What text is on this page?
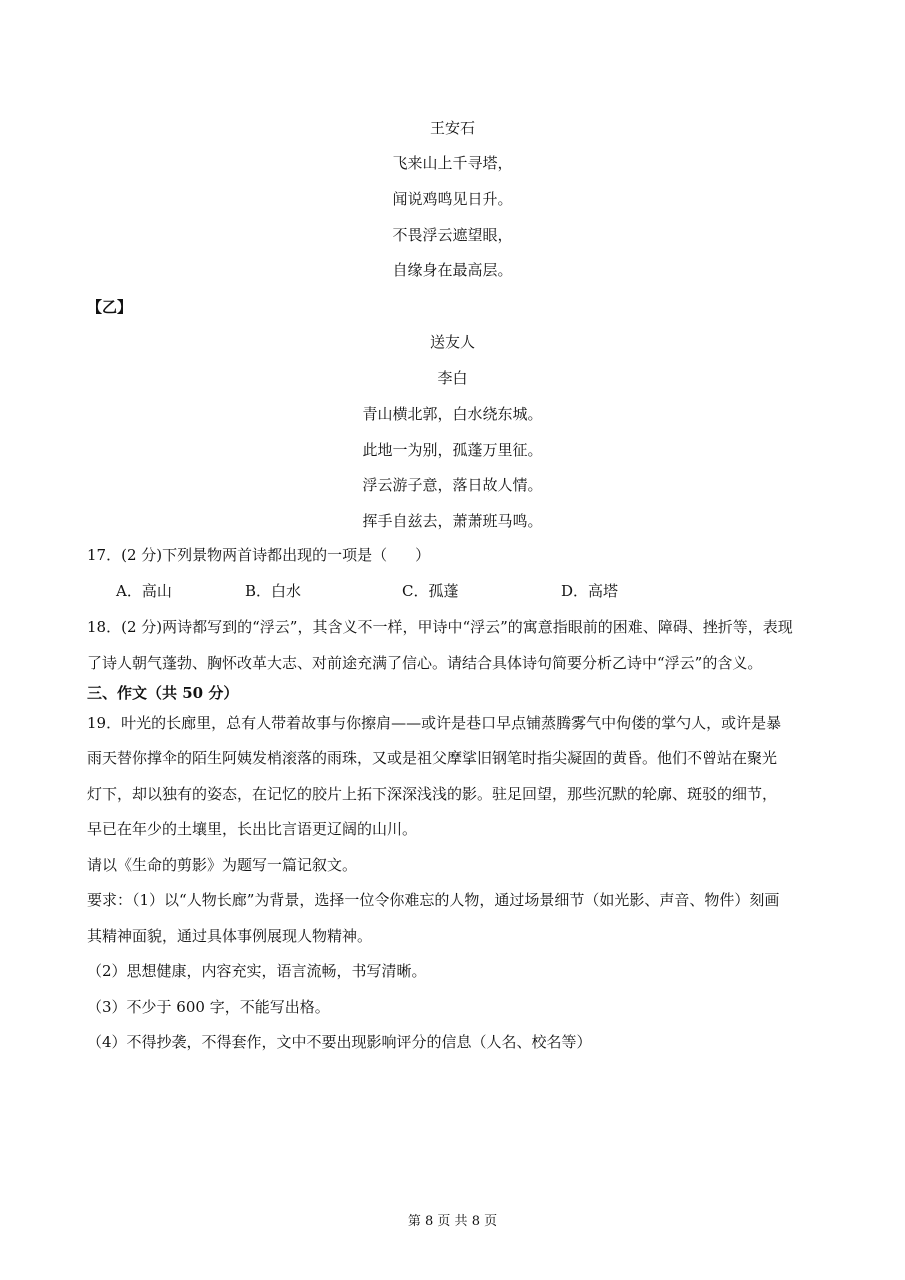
王安石
飞来山上千寻塔，
闻说鸡鸣见日升。
不畏浮云遮望眼，
自缘身在最高层。
【乙】
送友人
李白
青山横北郭，白水绕东城。
此地一为别，孤蓬万里征。
浮云游子意，落日故人情。
挥手自兹去，萧萧班马鸣。
17．(2 分)下列景物两首诗都出现的一项是（ ）
A．高山	B．白水	C．孤蓬	D．高塔
18．(2 分)两诗都写到的“浮云”，其含义不一样，甲诗中“浮云”的寓意指眼前的困难、障碍、挫折等，表现
了诗人朝气蓬勃、胸怀改革大志、对前途充满了信心。请结合具体诗句简要分析乙诗中“浮云”的含义。
三、作文（共 50 分）
19．叶光的长廊里，总有人带着故事与你擦肩——或许是巷口早点铺蒸腾雾气中佝偻的掌勺人，或许是暴
雨天替你撑伞的陌生阿姨发梢滚落的雨珠，又或是祖父摩挲旧钢笔时指尖凝固的黄昏。他们不曾站在聚光
灯下，却以独有的姿态，在记忆的胶片上拓下深深浅浅的影。驻足回望，那些沉默的轮廓、斑驳的细节，
早已在年少的土壤里，长出比言语更辽阔的山川。
请以《生命的剪影》为题写一篇记叙文。
要求：（1）以“人物长廊”为背景，选择一位令你难忘的人物，通过场景细节（如光影、声音、物件）刻画
其精神面貌，通过具体事例展现人物精神。
（2）思想健康，内容充实，语言流畅，书写清晰。
（3）不少于 600 字，不能写出格。
（4）不得抄袭，不得套作，文中不要出现影响评分的信息（人名、校名等）
第 8 页 共 8 页
